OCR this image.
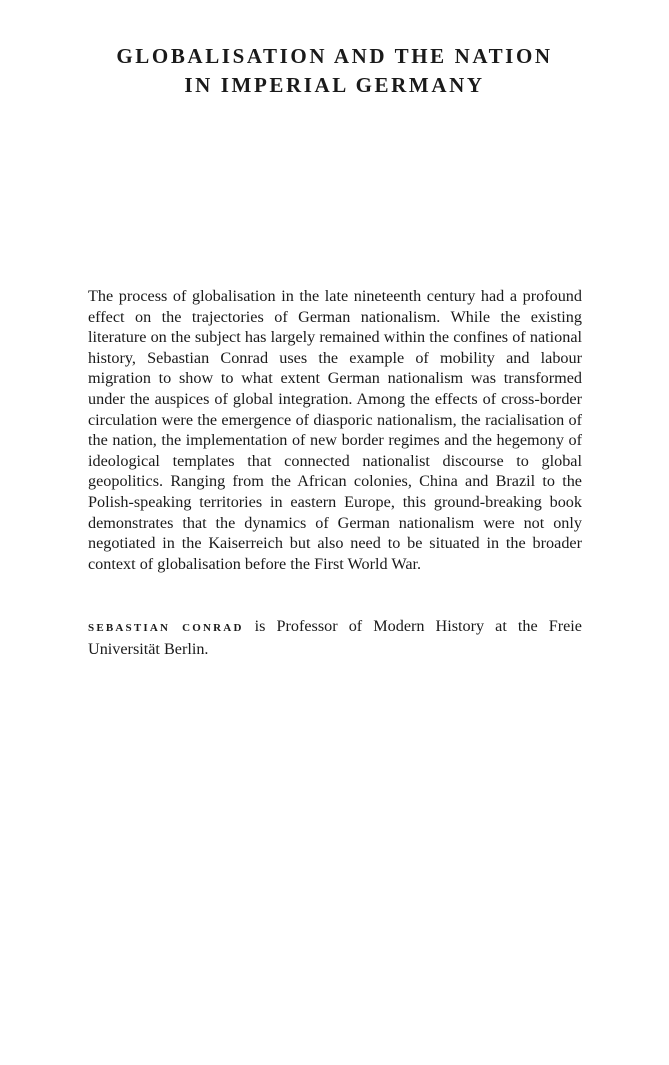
GLOBALISATION AND THE NATION
IN IMPERIAL GERMANY

The process of globalisation in the late nineteenth century had a profound effect on the trajectories of German nationalism. While the existing literature on the subject has largely remained within the confines of national history, Sebastian Conrad uses the example of mobility and labour migration to show to what extent German nationalism was transformed under the auspices of global integration. Among the effects of cross-border circulation were the emergence of diasporic nationalism, the racialisation of the nation, the implementation of new border regimes and the hegemony of ideological templates that connected nationalist discourse to global geopolitics. Ranging from the African colonies, China and Brazil to the Polish-speaking territories in eastern Europe, this ground-breaking book demonstrates that the dynamics of German nationalism were not only negotiated in the Kaiserreich but also need to be situated in the broader context of globalisation before the First World War.

SEBASTIAN CONRAD is Professor of Modern History at the Freie Universität Berlin.
